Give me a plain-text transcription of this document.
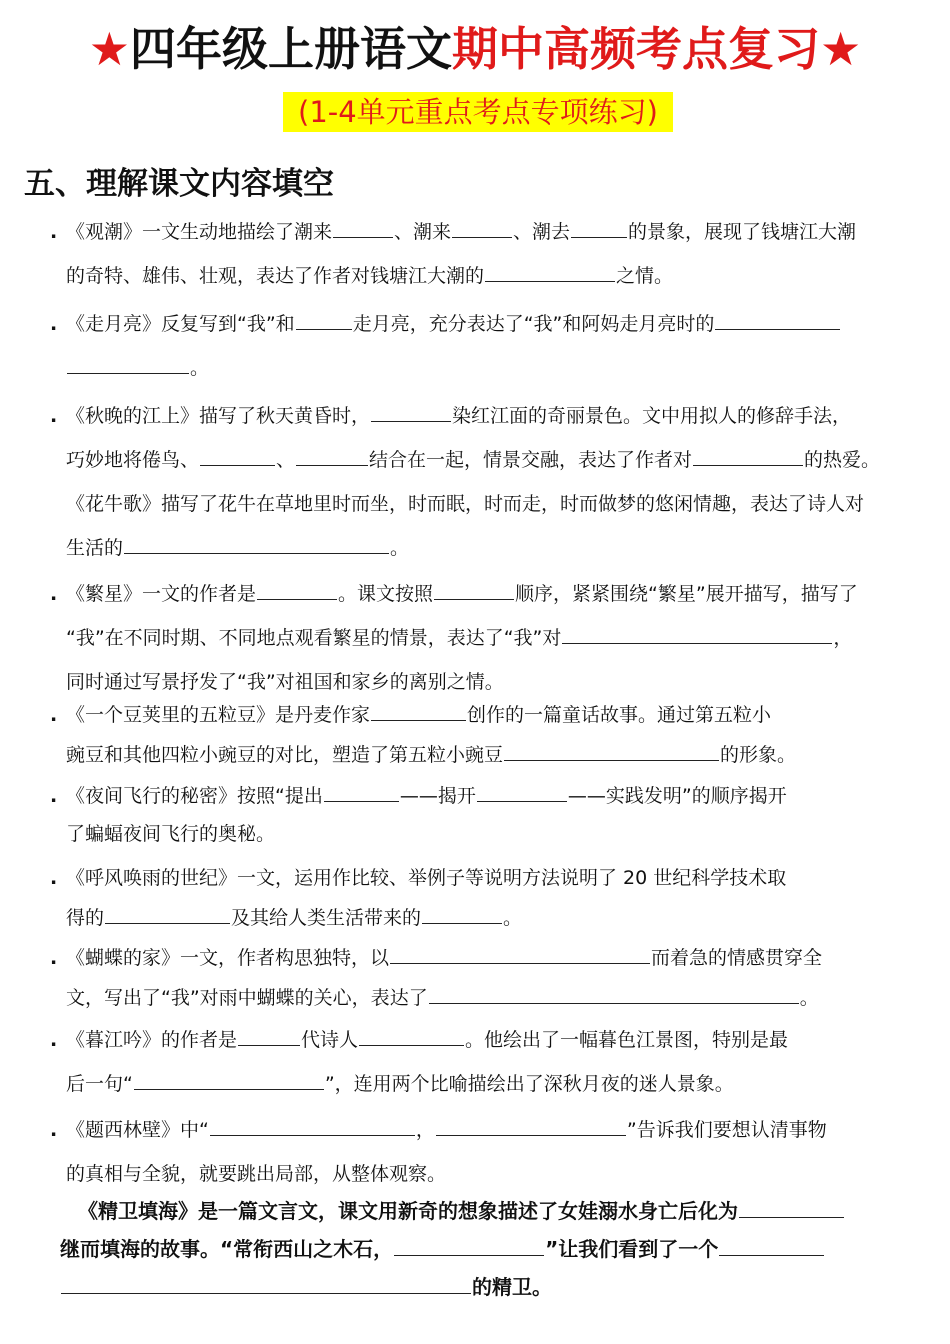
★四年级上册语文期中高频考点复习★
(1-4单元重点考点专项练习)
五、理解课文内容填空
. 《观潮》一文生动地描绘了潮来	、潮来	、潮去	的景象，展现了钱塘江大潮
的奇特、雄伟、壮观，表达了作者对钱塘江大潮的	之情。
. 《走月亮》反复写到“我”和	走月亮，充分表达了“我”和阿妈走月亮时的
。
. 《秋晚的江上》描写了秋天黄昏时，	染红江面的奇丽景色。文中用拟人的修辞手法，
巧妙地将倦鸟、	、	结合在一起，情景交融，表达了作者对	的热爱。
《花牛歌》描写了花牛在草地里时而坐，时而眠，时而走，时而做梦的悠闲情趣，表达了诗人对
生活的	。
. 《繁星》一文的作者是	。课文按照	顺序，紧紧围绕“繁星”展开描写，描写了
“我”在不同时期、不同地点观看繁星的情景，表达了“我”对	，
同时通过写景抒发了“我”对祖国和家乡的离别之情。
. 《一个豆荚里的五粒豆》是丹麦作家	创作的一篇童话故事。通过第五粒小
豌豆和其他四粒小豌豆的对比，塑造了第五粒小豌豆	的形象。
. 《夜间飞行的秘密》按照“提出	——揭开	——实践发明”的顺序揭开
了蝙蝠夜间飞行的奥秘。
. 《呼风唤雨的世纪》一文，运用作比较、举例子等说明方法说明了 20 世纪科学技术取
得的	及其给人类生活带来的	。
. 《蝴蝶的家》一文，作者构思独特，以	而着急的情感贯穿全
文，写出了“我”对雨中蝴蝶的关心，表达了	。
. 《暮江吟》的作者是	代诗人	。他绘出了一幅暮色江景图，特别是最
后一句“	”，连用两个比喻描绘出了深秋月夜的迷人景象。
. 《题西林壁》中“	，	”告诉我们要想认清事物
的真相与全貌，就要跳出局部，从整体观察。
《精卫填海》是一篇文言文，课文用新奇的想象描述了女娃溺水身亡后化为
继而填海的故事。“常衔西山之木石，	”让我们看到了一个
的精卫。
